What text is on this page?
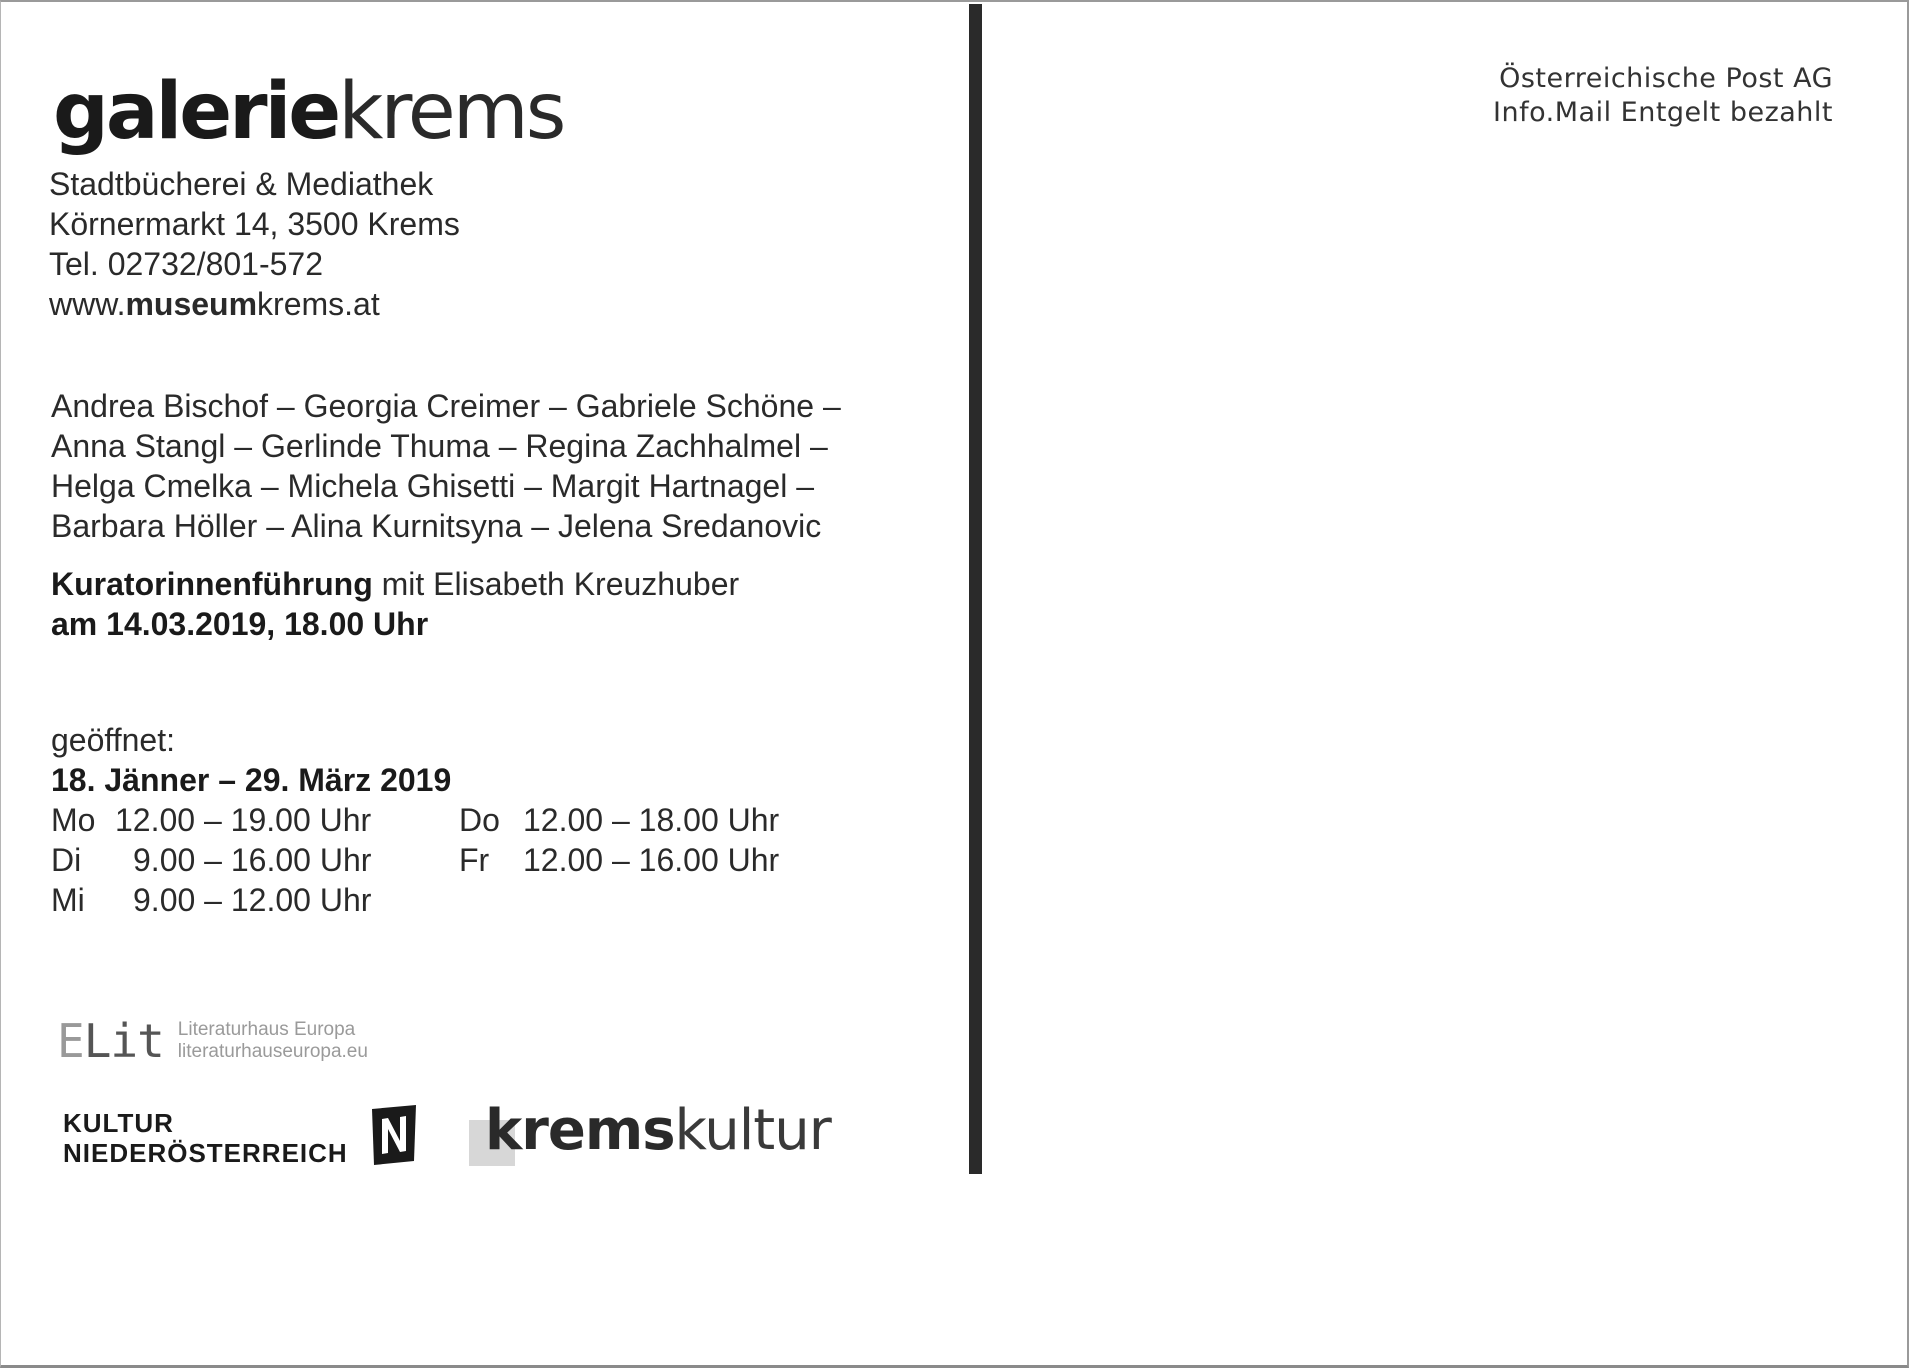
galeriekrems
Stadtbücherei & Mediathek
Körnermarkt 14, 3500 Krems
Tel. 02732/801-572
www.museumkrems.at
Andrea Bischof – Georgia Creimer – Gabriele Schöne –
Anna Stangl – Gerlinde Thuma – Regina Zachhalmel –
Helga Cmelka – Michela Ghisetti – Margit Hartnagel –
Barbara Höller – Alina Kurnitsyna – Jelena Sredanovic
Kuratorinnenführung mit Elisabeth Kreuzhuber
am 14.03.2019, 18.00 Uhr
geöffnet:
18. Jänner – 29. März 2019
Mo 12.00 – 19.00 Uhr
Di 9.00 – 16.00 Uhr
Mi 9.00 – 12.00 Uhr
Do 12.00 – 18.00 Uhr
Fr 12.00 – 16.00 Uhr
ELit Literaturhaus Europa
literaturhauseuropa.eu
KULTUR
NIEDERÖSTERREICH kremskultur
Österreichische Post AG
Info.Mail Entgelt bezahlt
